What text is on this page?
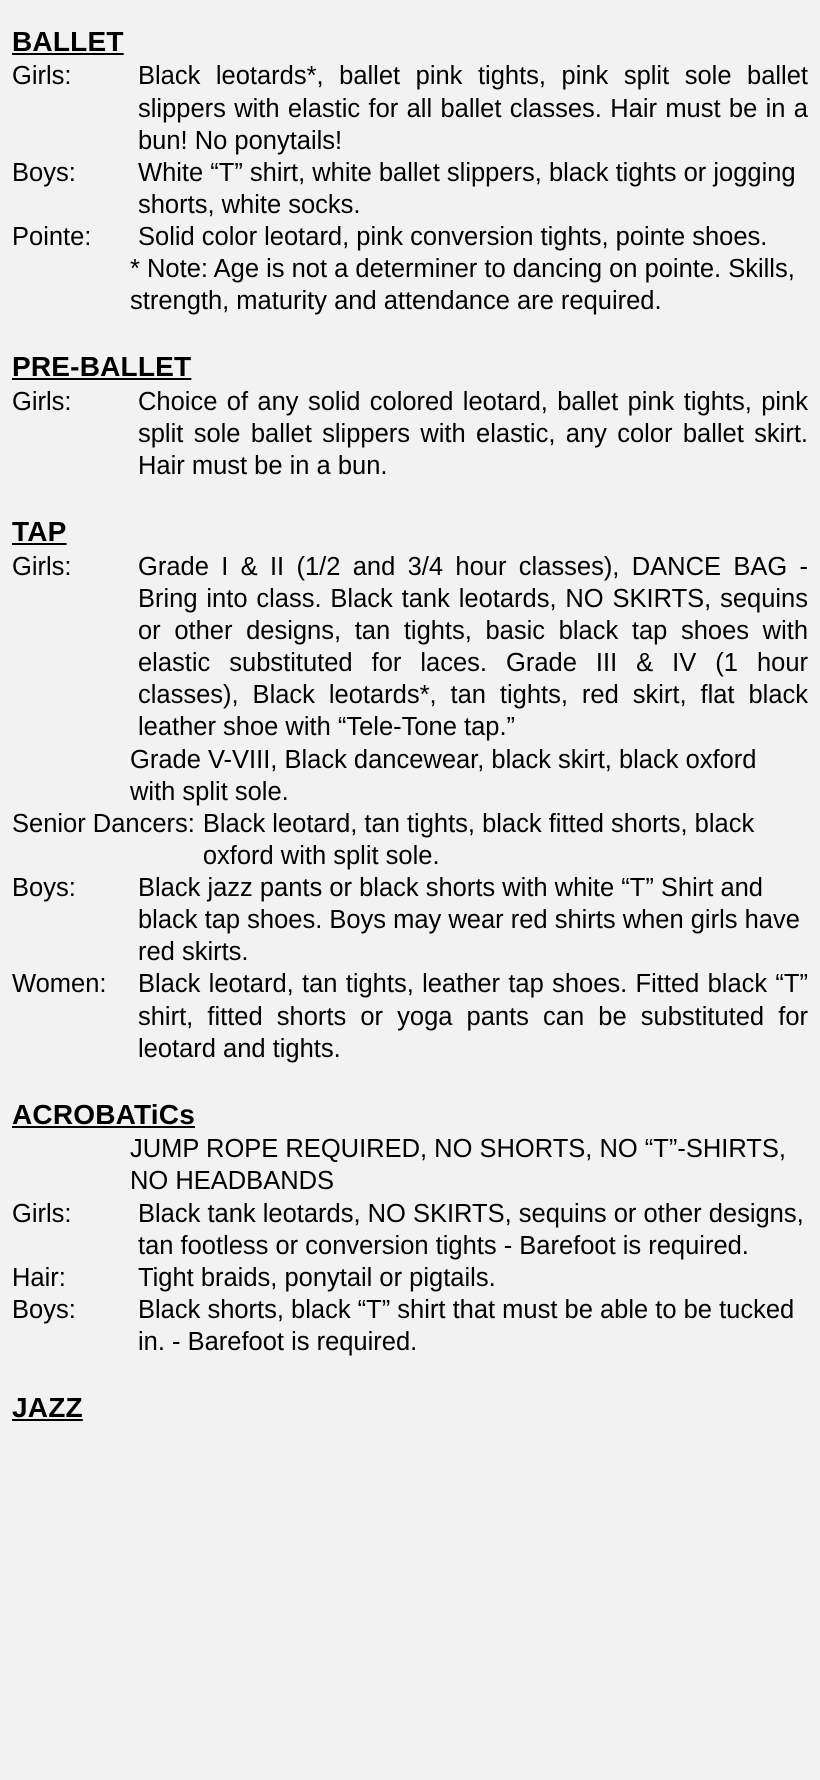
BALLET
Girls:	Black leotards*, ballet pink tights, pink split sole ballet slippers with elastic for all ballet classes. Hair must be in a bun! No ponytails!
Boys:	White “T” shirt, white ballet slippers, black tights or jogging shorts, white socks.
Pointe:	Solid color leotard, pink conversion tights, pointe shoes.
* Note: Age is not a determiner to dancing on pointe. Skills, strength, maturity and attendance are required.
PRE-BALLET
Girls:	Choice of any solid colored leotard, ballet pink tights, pink split sole ballet slippers with elastic, any color ballet skirt. Hair must be in a bun.
TAP
Girls:	Grade I & II (1/2 and 3/4 hour classes), DANCE BAG - Bring into class. Black tank leotards, NO SKIRTS, sequins or other designs, tan tights, basic black tap shoes with elastic substituted for laces. Grade III & IV (1 hour classes), Black leotards*, tan tights, red skirt, flat black leather shoe with “Tele-Tone tap.”
Grade V-VIII, Black dancewear, black skirt, black oxford with split sole.
Senior Dancers: Black leotard, tan tights, black fitted shorts, black oxford with split sole.
Boys:	Black jazz pants or black shorts with white “T” Shirt and black tap shoes. Boys may wear red shirts when girls have red skirts.
Women:	Black leotard, tan tights, leather tap shoes. Fitted black “T” shirt, fitted shorts or yoga pants can be substituted for leotard and tights.
ACROBATiCs
JUMP ROPE REQUIRED, NO SHORTS, NO “T”-SHIRTS, NO HEADBANDS
Girls:	Black tank leotards, NO SKIRTS, sequins or other designs, tan footless or conversion tights - Barefoot is required.
Hair:	Tight braids, ponytail or pigtails.
Boys:	Black shorts, black “T” shirt that must be able to be tucked in. - Barefoot is required.
JAZZ
